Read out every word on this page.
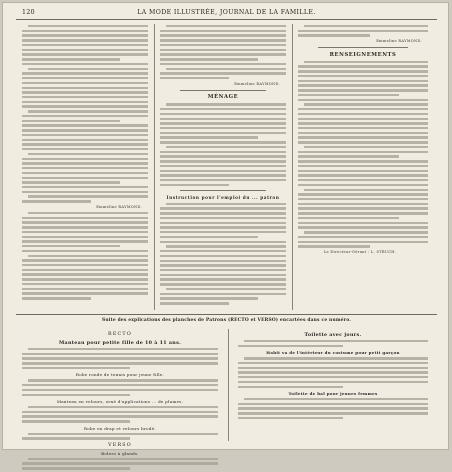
120	LA MODE ILLUSTRÉE, JOURNAL DE LA FAMILLE.
Emmeline RAYMOND.
Emmeline RAYMOND.
MÉNAGE
Instruction pour l'emploi du ... patron
Emmeline RAYMOND.
RENSEIGNEMENTS
Le Directeur-Gérant : L. STRUCH.
Suite des explications des planches de Patrons (RECTO et VERSO) encartées dans ce numéro.
RECTO
Manteau pour petite fille de 10 à 11 ans.
Robe ronde de tennis pour jeune fille.
Manteau en velours, orné d'applications ... de plumes.
Robe en drap et velours brodé.
VERSO
Bolero à glands.
Toilette avec jours.
Habit va de l'intérieur du costume pour petit garçon
Toilette de bal pour jeunes femmes
